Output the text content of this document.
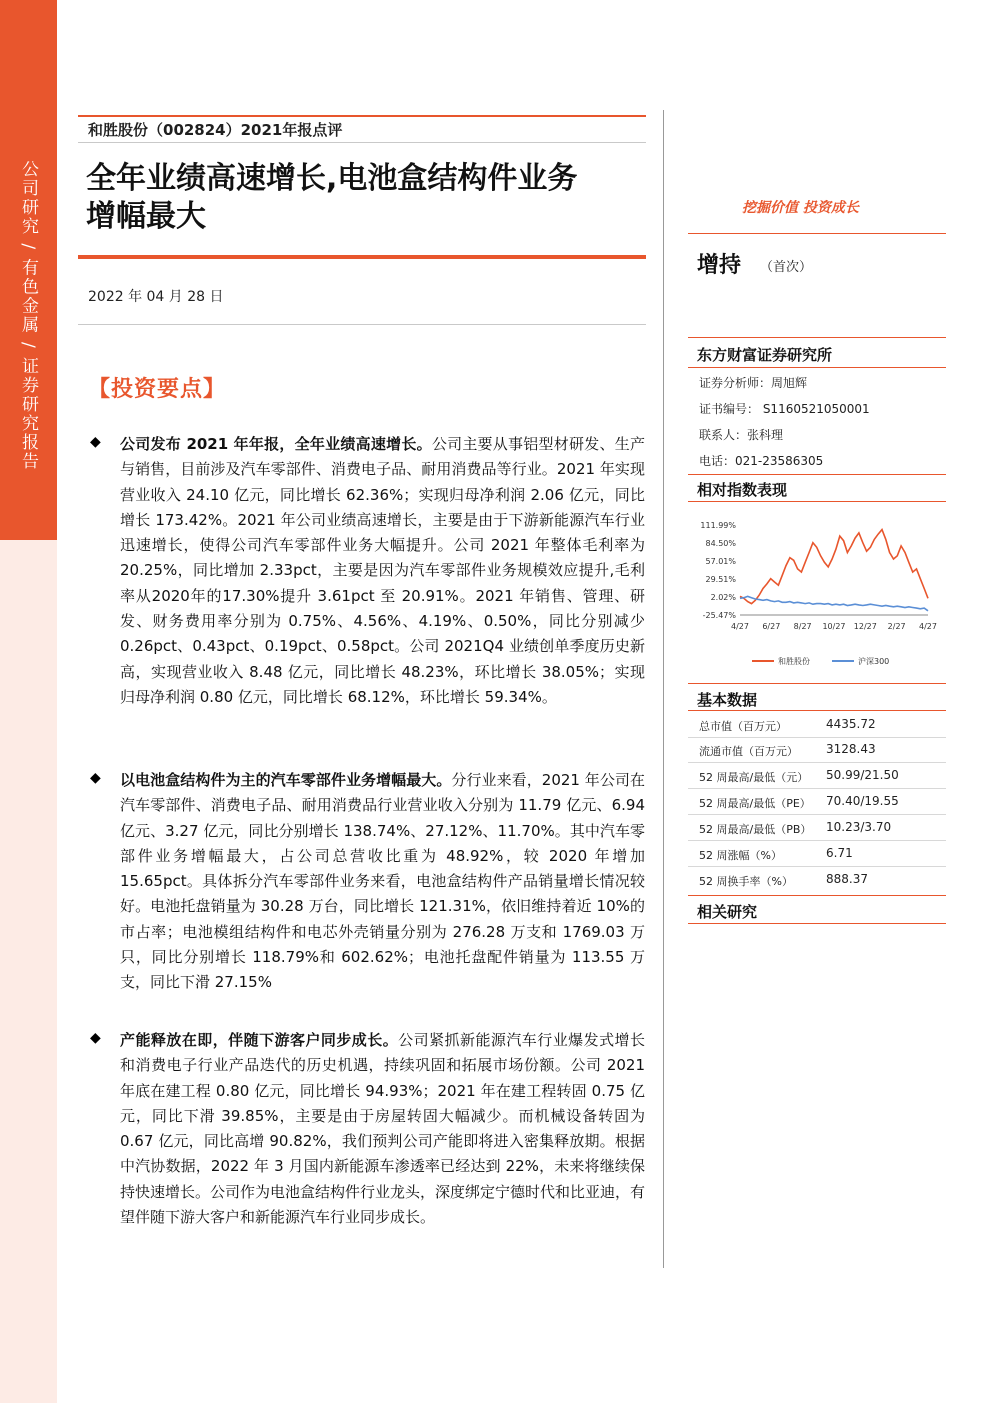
公司研究 / 有色金属 / 证券研究报告
和胜股份（002824）2021年报点评
全年业绩高速增长,电池盒结构件业务
增幅最大
2022 年 04 月 28 日
【投资要点】
◆ 公司发布 2021 年年报，全年业绩高速增长。公司主要从事铝型材研发、生产与销售，目前涉及汽车零部件、消费电子品、耐用消费品等行业。2021 年实现营业收入 24.10 亿元，同比增长 62.36%；实现归母净利润 2.06 亿元，同比增长 173.42%。2021 年公司业绩高速增长，主要是由于下游新能源汽车行业迅速增长，使得公司汽车零部件业务大幅提升。公司 2021 年整体毛利率为 20.25%，同比增加 2.33pct，主要是因为汽车零部件业务规模效应提升,毛利率从2020年的17.30%提升 3.61pct 至 20.91%。2021 年销售、管理、研发、财务费用率分别为 0.75%、4.56%、4.19%、0.50%，同比分别减少 0.26pct、0.43pct、0.19pct、0.58pct。公司 2021Q4 业绩创单季度历史新高，实现营业收入 8.48 亿元，同比增长 48.23%，环比增长 38.05%；实现归母净利润 0.80 亿元，同比增长 68.12%，环比增长 59.34%。
◆ 以电池盒结构件为主的汽车零部件业务增幅最大。分行业来看，2021 年公司在汽车零部件、消费电子品、耐用消费品行业营业收入分别为 11.79 亿元、6.94 亿元、3.27 亿元，同比分别增长 138.74%、27.12%、11.70%。其中汽车零部件业务增幅最大，占公司总营收比重为 48.92%，较 2020 年增加 15.65pct。具体拆分汽车零部件业务来看，电池盒结构件产品销量增长情况较好。电池托盘销量为 30.28 万台，同比增长 121.31%，依旧维持着近 10%的市占率；电池模组结构件和电芯外壳销量分别为 276.28 万支和 1769.03 万只，同比分别增长 118.79%和 602.62%；电池托盘配件销量为 113.55 万支，同比下滑 27.15%
◆ 产能释放在即，伴随下游客户同步成长。公司紧抓新能源汽车行业爆发式增长和消费电子行业产品迭代的历史机遇，持续巩固和拓展市场份额。公司 2021 年底在建工程 0.80 亿元，同比增长 94.93%；2021 年在建工程转固 0.75 亿元，同比下滑 39.85%，主要是由于房屋转固大幅减少。而机械设备转固为 0.67 亿元，同比高增 90.82%，我们预判公司产能即将进入密集释放期。根据中汽协数据，2022 年 3 月国内新能源车渗透率已经达到 22%，未来将继续保持快速增长。公司作为电池盒结构件行业龙头，深度绑定宁德时代和比亚迪，有望伴随下游大客户和新能源汽车行业同步成长。
挖掘价值 投资成长
增持 （首次）
东方财富证券研究所
证券分析师：周旭辉
证书编号： S1160521050001
联系人：张科理
电话：021-23586305
相对指数表现
111.99%
84.50%
57.01%
29.51%
2.02%
-25.47%
4/27 6/27 8/27 10/27 12/27 2/27 4/27
和胜股份	沪深300
基本数据
总市值（百万元）	4435.72
流通市值（百万元） 3128.43
52 周最高/最低（元） 50.99/21.50
52 周最高/最低（PE） 70.40/19.55
52 周最高/最低（PB） 10.23/3.70
52 周涨幅（%）	6.71
52 周换手率（%）	888.37
相关研究
